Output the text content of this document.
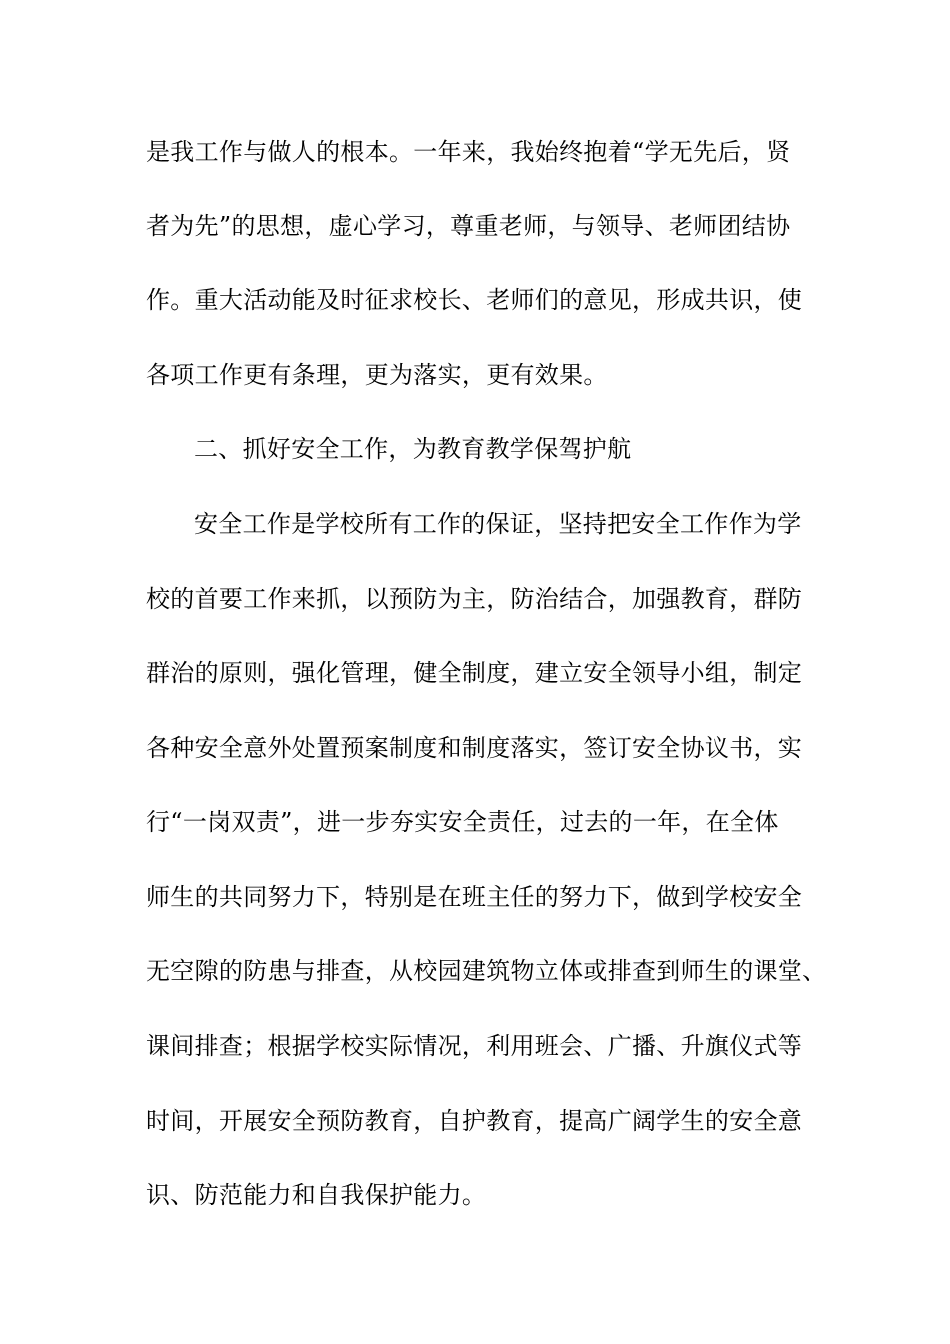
是我工作与做人的根本。一年来，我始终抱着“学无先后，贤
者为先”的思想，虚心学习，尊重老师，与领导、老师团结协
作。重大活动能及时征求校长、老师们的意见，形成共识，使
各项工作更有条理，更为落实，更有效果。
二、抓好安全工作，为教育教学保驾护航
安全工作是学校所有工作的保证，坚持把安全工作作为学
校的首要工作来抓，以预防为主，防治结合，加强教育，群防
群治的原则，强化管理，健全制度，建立安全领导小组，制定
各种安全意外处置预案制度和制度落实，签订安全协议书，实
行“一岗双责”，进一步夯实安全责任，过去的一年，在全体
师生的共同努力下，特别是在班主任的努力下，做到学校安全
无空隙的防患与排查，从校园建筑物立体或排查到师生的课堂、
课间排查；根据学校实际情况，利用班会、广播、升旗仪式等
时间，开展安全预防教育，自护教育，提高广阔学生的安全意
识、防范能力和自我保护能力。
